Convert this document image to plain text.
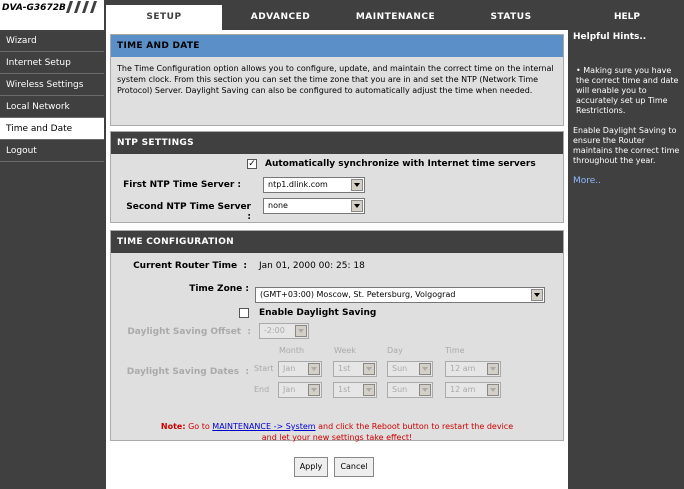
DVA-G3672B
SETUP	ADVANCED	MAINTENANCE	STATUS	HELP
Wizard
Internet Setup
Wireless Settings
Local Network
Time and Date
Logout
TIME AND DATE
The Time Configuration option allows you to configure, update, and maintain the correct time on the internal system clock. From this section you can set the time zone that you are in and set the NTP (Network Time Protocol) Server. Daylight Saving can also be configured to automatically adjust the time when needed.
NTP SETTINGS
✓ Automatically synchronize with Internet time servers
First NTP Time Server :	ntp1.dlink.com
Second NTP Time Server :
none
TIME CONFIGURATION
Current Router Time  : Jan 01, 2000 00: 25: 18
Time Zone :
(GMT+03:00) Moscow, St. Petersburg, Volgograd
Enable Daylight Saving
Daylight Saving Offset  :	-2:00
Month	Week	Day	Time
Daylight Saving Dates  : Start	Jan	1st	Sun	12 am
End	Jan	1st	Sun	12 am
Note: Go to MAINTENANCE -> System and click the Reboot button to restart the device
and let your new settings take effect!
Apply	Cancel
Helpful Hints..
• Making sure you have the correct time and date will enable you to accurately set up Time Restrictions.
Enable Daylight Saving to ensure the Router maintains the correct time throughout the year.
More..
